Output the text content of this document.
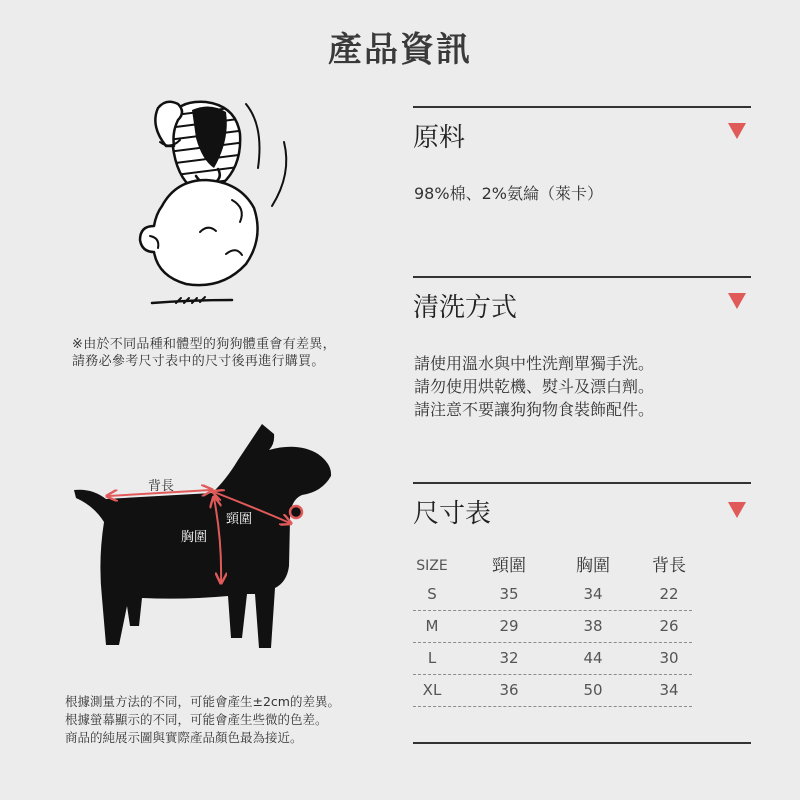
產品資訊
※由於不同品種和體型的狗狗體重會有差異，
請務必參考尺寸表中的尺寸後再進行購買。
背長
頸圍
胸圍
根據測量方法的不同，可能會產生±2cm的差異。
根據螢幕顯示的不同，可能會產生些微的色差。
商品的純展示圖與實際產品顏色最為接近。
原料
98%棉、2%氨綸（萊卡）
清洗方式
請使用溫水與中性洗劑單獨手洗。
請勿使用烘乾機、熨斗及漂白劑。
請注意不要讓狗狗物食裝飾配件。
尺寸表
SIZE	頸圍	胸圍	背長
S	35	34	22
M	29	38	26
L	32	44	30
XL	36	50	34
